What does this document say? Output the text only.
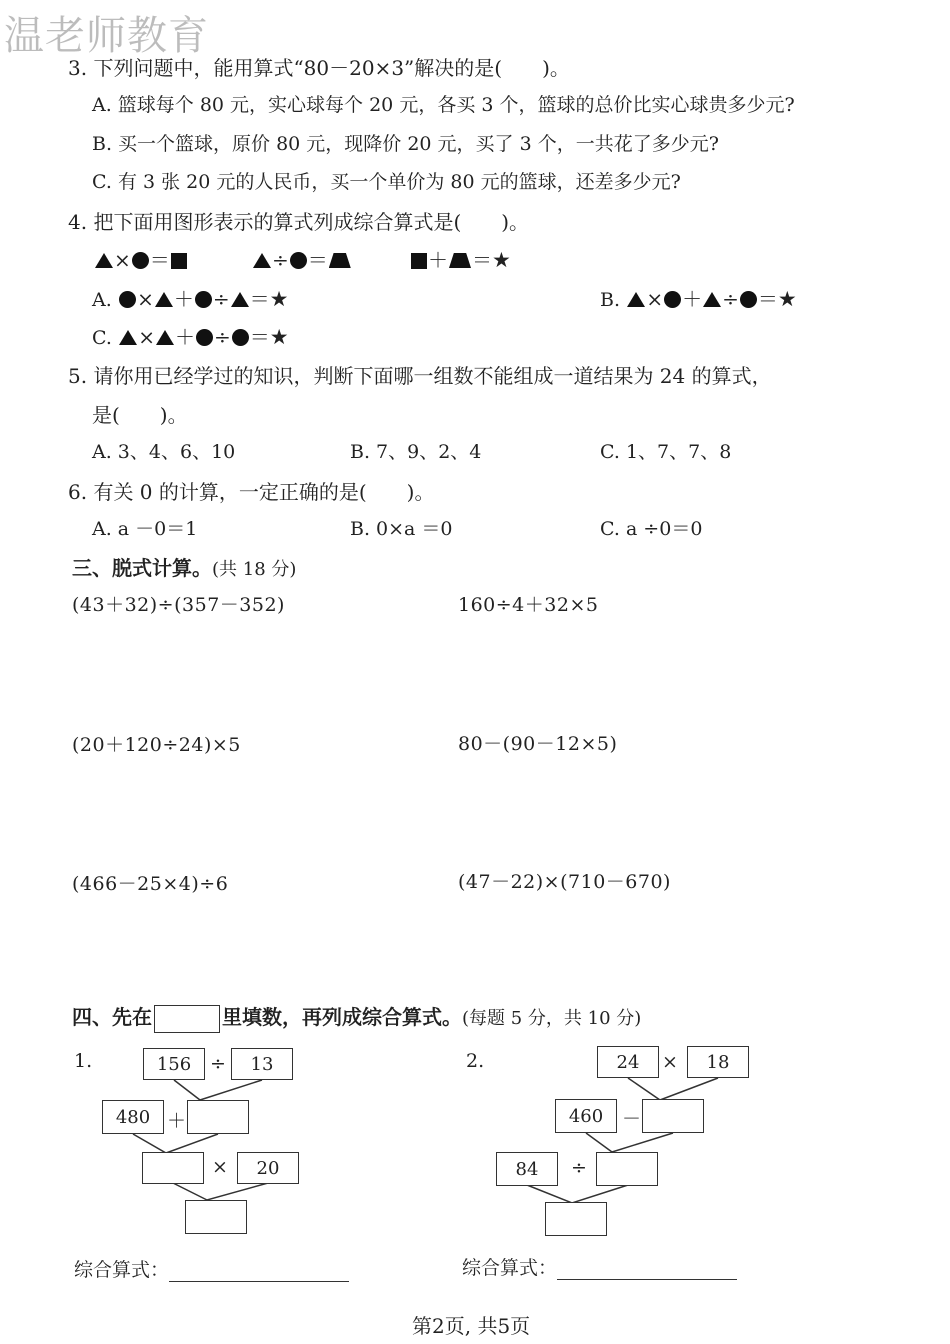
温老师教育
3. 下列问题中，能用算式“80－20×3”解决的是(　　)。
A. 篮球每个 80 元，实心球每个 20 元，各买 3 个，篮球的总价比实心球贵多少元?
B. 买一个篮球，原价 80 元，现降价 20 元，买了 3 个，一共花了多少元?
C. 有 3 张 20 元的人民币，买一个单价为 80 元的篮球，还差多少元?
4. 把下面用图形表示的算式列成综合算式是(　　)。
× ＝	÷ ＝	＋ ＝★
A. × ＋ ÷ ＝★	B. × ＋ ÷ ＝★
C. × ＋ ÷ ＝★
5. 请你用已经学过的知识，判断下面哪一组数不能组成一道结果为 24 的算式，
是(　　)。
A. 3、4、6、10	B. 7、9、2、4	C. 1、7、7、8
6. 有关 0 的计算，一定正确的是(　　)。
A. a －0＝1	B. 0×a ＝0	C. a ÷0＝0
三、脱式计算。(共 18 分)
(43＋32)÷(357－352)	160÷4＋32×5
(20＋120÷24)×5	80－(90－12×5)
(466－25×4)÷6	(47－22)×(710－670)
四、先在	里填数，再列成综合算式。(每题 5 分，共 10 分)
1.	156 ÷	13
480 ＋
×	20
综合算式：
2.	24	×	18
460 －
84	÷
综合算式：
第2页, 共5页
